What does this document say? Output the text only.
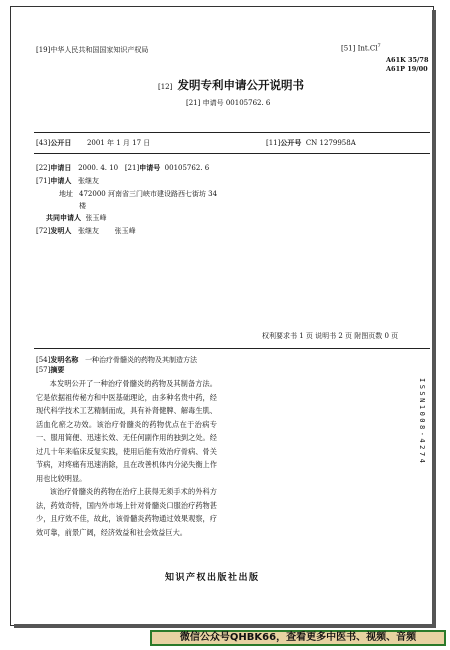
[19]中华人民共和国国家知识产权局	[51] Int.Cl$^7$
A61K 35/78
A61P 19/00
[12] 发明专利申请公开说明书
[21] 申请号 00105762. 6
[43]公开日 2001 年 1 月 17 日	[11]公开号 CN 1279958A
[22]申请日 2000. 4. 10 [21]申请号 00105762. 6
[71]申请人 张继友
地址 472000 河南省三门峡市建设路西七街坊 34
楼
共同申请人 张玉峰
[72]发明人 张继友 张玉峰
权利要求书 1 页 说明书 2 页 附图页数 0 页
[54]发明名称 一种治疗骨髓炎的药物及其制造方法
[57]摘要

本发明公开了一种治疗骨髓炎的药物及其制备方法。它是依据祖传秘方和中医基础理论，由多种名贵中药，经现代科学技术工艺精制而成，具有补肾健脾、解毒生肌、活血化瘀之功效。该治疗骨髓炎的药物优点在于治病专一、服用简便、迅速长效、无任何副作用的独到之处。经过几十年来临床反复实践，使用后能有效治疗骨病、骨关节病，对疼痛有迅速消除，且在改善机体内分泌失衡上作用也比较明显。

该治疗骨髓炎的药物在治疗上获得无须手术的外科方法，药效奇特，国内外市场上针对骨髓炎口服治疗药物甚少，且疗效不佳，故此，该骨髓炎药物通过效果观察，疗效可靠，前景广阔，经济效益和社会效益巨大。

ISSN1008-4274
知识产权出版社出版
微信公众号QHBK66，查看更多中医书、视频、音频
